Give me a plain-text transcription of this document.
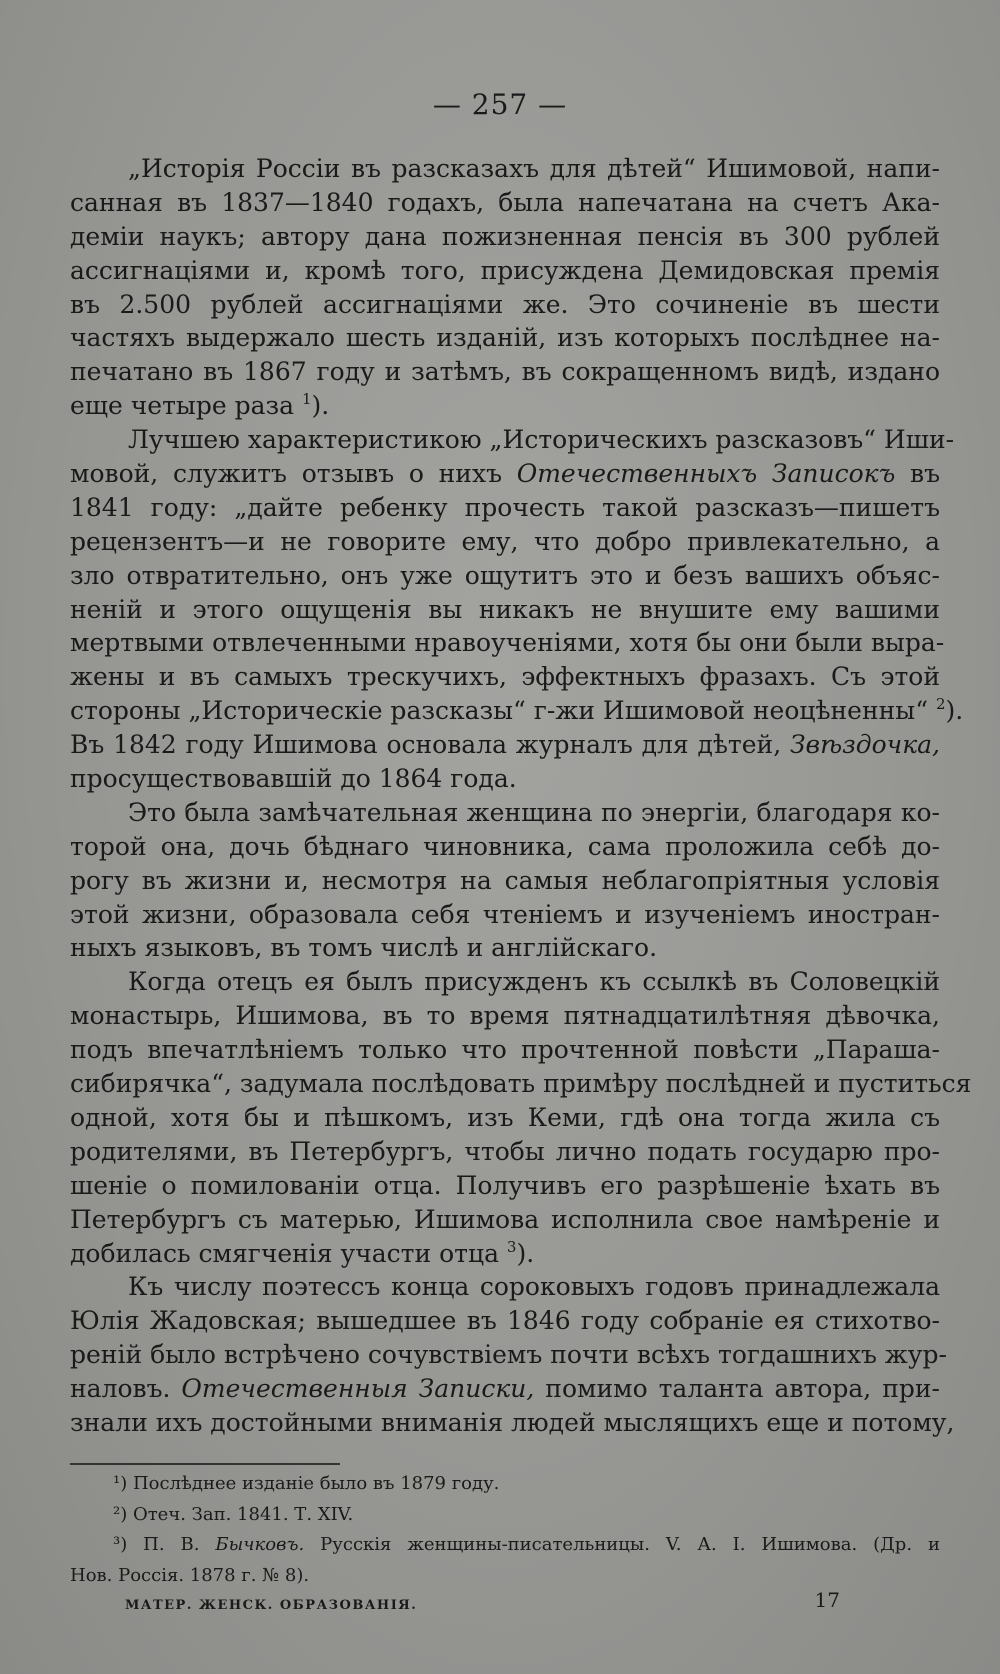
— 257 —
„Исторія Россіи въ разсказахъ для дѣтей“ Ишимовой, напи-
санная въ 1837—1840 годахъ, была напечатана на счетъ Ака-
деміи наукъ; автору дана пожизненная пенсія въ 300 рублей
ассигнаціями и, кромѣ того, присуждена Демидовская премія
въ 2.500 рублей ассигнаціями же. Это сочиненіе въ шести
частяхъ выдержало шесть изданій, изъ которыхъ послѣднее на-
печатано въ 1867 году и затѣмъ, въ сокращенномъ видѣ, издано
еще четыре раза $^1$).
Лучшею характеристикою „Историческихъ разсказовъ“ Иши-
мовой, служитъ отзывъ о нихъ Отечественныхъ Записокъ въ
1841 году: „дайте ребенку прочесть такой разсказъ—пишетъ
рецензентъ—и не говорите ему, что добро привлекательно, а
зло отвратительно, онъ уже ощутитъ это и безъ вашихъ объяс-
неній и этого ощущенія вы никакъ не внушите ему вашими
мертвыми отвлеченными нравоученіями, хотя бы они были выра-
жены и въ самыхъ трескучихъ, эффектныхъ фразахъ. Съ этой
стороны „Историческіе разсказы“ г-жи Ишимовой неоцѣненны“ $^2$).
Въ 1842 году Ишимова основала журналъ для дѣтей, Звѣздочка,
просуществовавшій до 1864 года.
Это была замѣчательная женщина по энергіи, благодаря ко-
торой она, дочь бѣднаго чиновника, сама проложила себѣ до-
рогу въ жизни и, несмотря на самыя неблагопріятныя условія
этой жизни, образовала себя чтеніемъ и изученіемъ иностран-
ныхъ языковъ, въ томъ числѣ и англійскаго.
Когда отецъ ея былъ присужденъ къ ссылкѣ въ Соловецкій
монастырь, Ишимова, въ то время пятнадцатилѣтняя дѣвочка,
подъ впечатлѣніемъ только что прочтенной повѣсти „Параша-
сибирячка“, задумала послѣдовать примѣру послѣдней и пуститься
одной, хотя бы и пѣшкомъ, изъ Кеми, гдѣ она тогда жила съ
родителями, въ Петербургъ, чтобы лично подать государю про-
шеніе о помилованіи отца. Получивъ его разрѣшеніе ѣхать въ
Петербургъ съ матерью, Ишимова исполнила свое намѣреніе и
добилась смягченія участи отца $^3$).
Къ числу поэтессъ конца сороковыхъ годовъ принадлежала
Юлія Жадовская; вышедшее въ 1846 году собраніе ея стихотво-
реній было встрѣчено сочувствіемъ почти всѣхъ тогдашнихъ жур-
наловъ. Отечественныя Записки, помимо таланта автора, при-
знали ихъ достойными вниманія людей мыслящихъ еще и потому,
¹) Послѣднее изданіе было въ 1879 году.
²) Отеч. Зап. 1841. Т. XIV.
³) П. В. Бычковъ. Русскія женщины-писательницы. V. А. I. Ишимова. (Др. и
Нов. Россія. 1878 г. № 8).
МАТЕР. ЖЕНСК. ОБРАЗОВАНІЯ.	17
